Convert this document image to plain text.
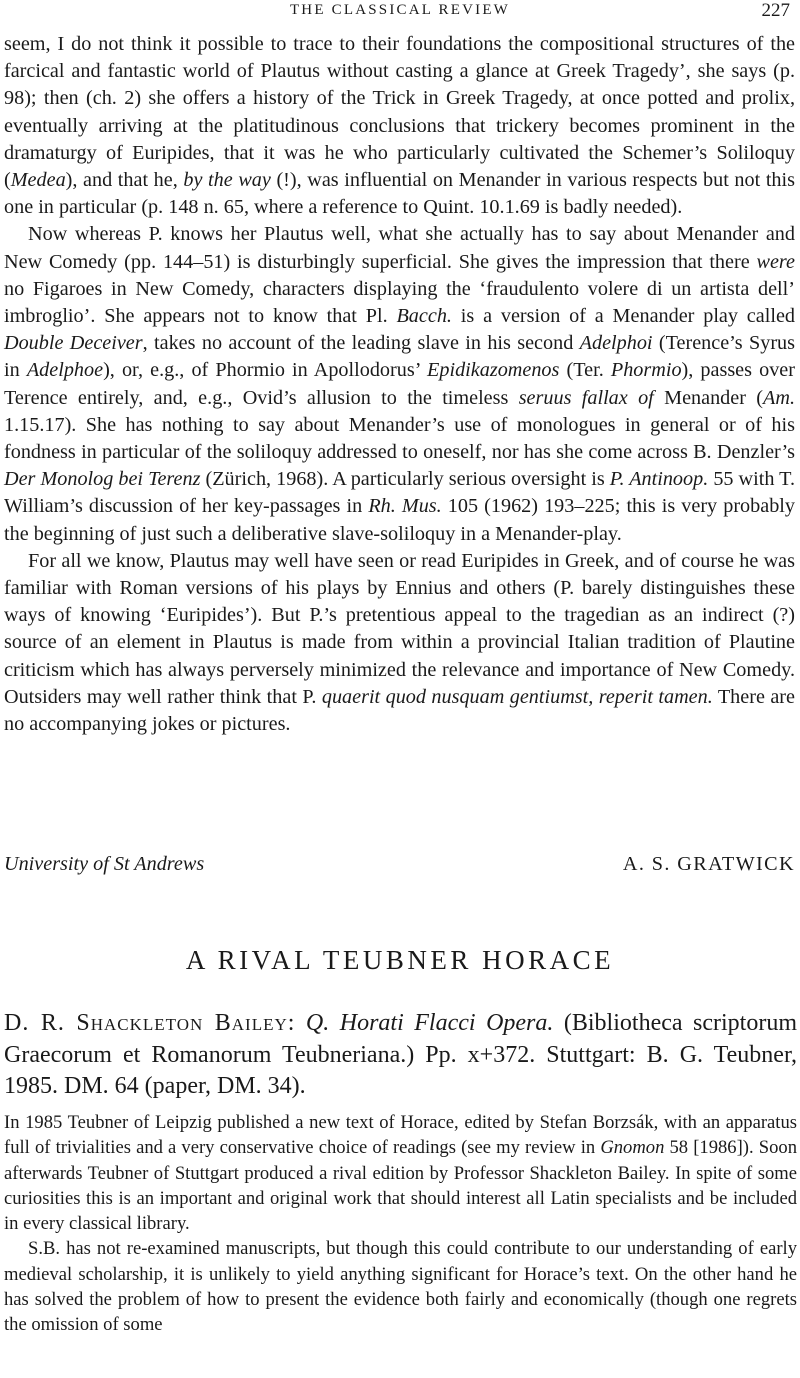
THE CLASSICAL REVIEW	227

seem, I do not think it possible to trace to their foundations the compositional structures of the farcical and fantastic world of Plautus without casting a glance at Greek Tragedy’, she says (p. 98); then (ch. 2) she offers a history of the Trick in Greek Tragedy, at once potted and prolix, eventually arriving at the platitudinous conclusions that trickery becomes prominent in the dramaturgy of Euripides, that it was he who particularly cultivated the Schemer’s Soliloquy (Medea), and that he, by the way (!), was influential on Menander in various respects but not this one in particular (p. 148 n. 65, where a reference to Quint. 10.1.69 is badly needed).

Now whereas P. knows her Plautus well, what she actually has to say about Menander and New Comedy (pp. 144–51) is disturbingly superficial. She gives the impression that there were no Figaroes in New Comedy, characters displaying the ‘fraudulento volere di un artista dell’ imbroglio’. She appears not to know that Pl. Bacch. is a version of a Menander play called Double Deceiver, takes no account of the leading slave in his second Adelphoi (Terence’s Syrus in Adelphoe), or, e.g., of Phormio in Apollodorus’ Epidikazomenos (Ter. Phormio), passes over Terence entirely, and, e.g., Ovid’s allusion to the timeless seruus fallax of Menander (Am. 1.15.17). She has nothing to say about Menander’s use of monologues in general or of his fondness in particular of the soliloquy addressed to oneself, nor has she come across B. Denzler’s Der Monolog bei Terenz (Zürich, 1968). A particularly serious oversight is P. Antinoop. 55 with T. William’s discussion of her key-passages in Rh. Mus. 105 (1962) 193–225; this is very probably the beginning of just such a deliberative slave-soliloquy in a Menander-play.

For all we know, Plautus may well have seen or read Euripides in Greek, and of course he was familiar with Roman versions of his plays by Ennius and others (P. barely distinguishes these ways of knowing ‘Euripides’). But P.’s pretentious appeal to the tragedian as an indirect (?) source of an element in Plautus is made from within a provincial Italian tradition of Plautine criticism which has always perversely minimized the relevance and importance of New Comedy. Outsiders may well rather think that P. quaerit quod nusquam gentiumst, reperit tamen. There are no accompanying jokes or pictures.

University of St Andrews	A. S. GRATWICK
A RIVAL TEUBNER HORACE
D. R. Shackleton Bailey: Q. Horati Flacci Opera. (Bibliotheca scriptorum Graecorum et Romanorum Teubneriana.) Pp. x+372. Stuttgart: B. G. Teubner, 1985. DM. 64 (paper, DM. 34).

In 1985 Teubner of Leipzig published a new text of Horace, edited by Stefan Borzsák, with an apparatus full of trivialities and a very conservative choice of readings (see my review in Gnomon 58 [1986]). Soon afterwards Teubner of Stuttgart produced a rival edition by Professor Shackleton Bailey. In spite of some curiosities this is an important and original work that should interest all Latin specialists and be included in every classical library.

S.B. has not re-examined manuscripts, but though this could contribute to our understanding of early medieval scholarship, it is unlikely to yield anything significant for Horace’s text. On the other hand he has solved the problem of how to present the evidence both fairly and economically (though one regrets the omission of some
